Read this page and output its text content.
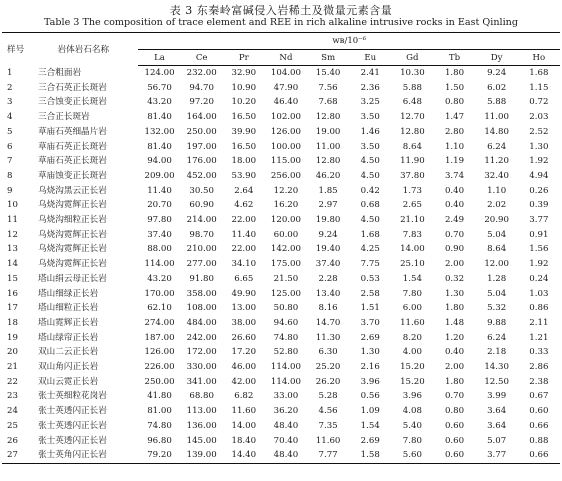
表 3 东秦岭富碱侵入岩稀土及微量元素含量
Table 3 The composition of trace element and REE in rich alkaline intrusive rocks in East Qinling
样号	岩体岩石名称	wʙ/10⁻⁶									
		La	Ce	Pr	Nd	Sm	Eu	Gd	Tb	Dy	Ho
1	三合粗面岩	124.00	232.00	32.90	104.00	15.40	2.41	10.30	1.80	9.24	1.68
2	三合石英正长斑岩	56.70	94.70	10.90	47.90	7.56	2.36	5.88	1.50	6.02	1.15
3	三合蚀变正长斑岩	43.20	97.20	10.20	46.40	7.68	3.25	6.48	0.80	5.88	0.72
4	三合正长斑岩	81.40	164.00	16.50	102.00	12.80	3.50	12.70	1.47	11.00	2.03
5	草庙石英细晶片岩	132.00	250.00	39.90	126.00	19.00	1.46	12.80	2.80	14.80	2.52
6	草庙石英正长斑岩	81.40	197.00	16.50	100.00	11.00	3.50	8.64	1.10	6.24	1.30
7	草庙石英正长斑岩	94.00	176.00	18.00	115.00	12.80	4.50	11.90	1.19	11.20	1.92
8	草庙蚀变正长斑岩	209.00	452.00	53.90	256.00	46.20	4.50	37.80	3.74	32.40	4.94
9	乌烧沟黑云正长岩	11.40	30.50	2.64	12.20	1.85	0.42	1.73	0.40	1.10	0.26
10	乌烧沟霓辉正长岩	20.70	60.90	4.62	16.20	2.97	0.68	2.65	0.40	2.02	0.39
11	乌烧沟细粒正长岩	97.80	214.00	22.00	120.00	19.80	4.50	21.10	2.49	20.90	3.77
12	乌烧沟霓辉正长岩	37.40	98.70	11.40	60.00	9.24	1.68	7.83	0.70	5.04	0.91
13	乌烧沟霓辉正长岩	88.00	210.00	22.00	142.00	19.40	4.25	14.00	0.90	8.64	1.56
14	乌烧沟霓辉正长岩	114.00	277.00	34.10	175.00	37.40	7.75	25.10	2.00	12.00	1.92
15	塔山绢云母正长岩	43.20	91.80	6.65	21.50	2.28	0.53	1.54	0.32	1.28	0.24
16	塔山细绿正长岩	170.00	358.00	49.90	125.00	13.40	2.58	7.80	1.30	5.04	1.03
17	塔山细粒正长岩	62.10	108.00	13.00	50.80	8.16	1.51	6.00	1.80	5.32	0.86
18	塔山霓辉正长岩	274.00	484.00	38.00	94.60	14.70	3.70	11.60	1.48	9.88	2.11
19	塔山绿帘正长岩	187.00	242.00	26.60	74.80	11.30	2.69	8.20	1.20	6.24	1.21
20	双山二云正长岩	126.00	172.00	17.20	52.80	6.30	1.30	4.00	0.40	2.18	0.33
21	双山角闪正长岩	226.00	330.00	46.00	114.00	25.20	2.16	15.20	2.00	14.30	2.86
22	双山云霓正长岩	250.00	341.00	42.00	114.00	26.20	3.96	15.20	1.80	12.50	2.38
23	张士英细粒花岗岩	41.80	68.80	6.82	33.00	5.28	0.56	3.96	0.70	3.99	0.67
24	张士英透闪正长岩	81.00	113.00	11.60	36.20	4.56	1.09	4.08	0.80	3.64	0.60
25	张士英透闪正长岩	74.80	136.00	14.00	48.40	7.35	1.54	5.40	0.60	3.64	0.66
26	张士英透闪正长岩	96.80	145.00	18.40	70.40	11.60	2.69	7.80	0.60	5.07	0.88
27	张士英角闪正长岩	79.20	139.00	14.40	48.40	7.77	1.58	5.60	0.60	3.77	0.66
